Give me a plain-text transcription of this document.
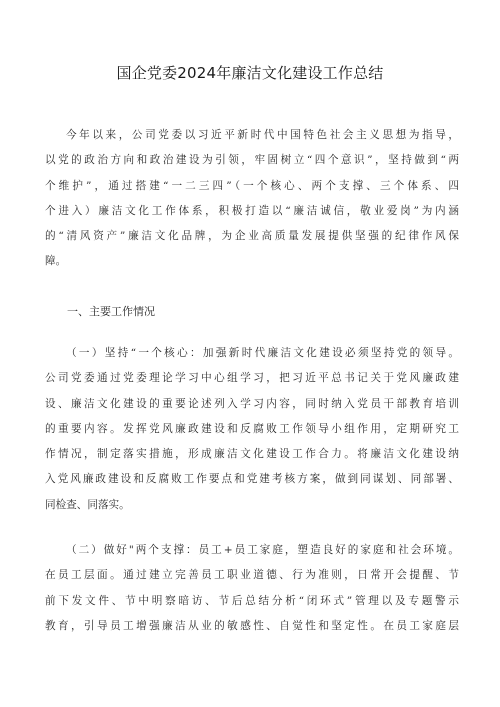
国企党委2024年廉洁文化建设工作总结
今年以来，公司党委以习近平新时代中国特色社会主义思想为指导，
以党的政治方向和政治建设为引领，牢固树立“四个意识”，坚持做到“两
个维护”，通过搭建“一二三四”（一个核心、两个支撑、三个体系、四
个进入）廉洁文化工作体系，积极打造以“廉洁诚信，敬业爱岗”为内涵
的“清风资产”廉洁文化品牌，为企业高质量发展提供坚强的纪律作风保
障。
一、主要工作情况
（一）坚持“一个核心：加强新时代廉洁文化建设必须坚持党的领导。
公司党委通过党委理论学习中心组学习，把习近平总书记关于党风廉政建
设、廉洁文化建设的重要论述列入学习内容，同时纳入党员干部教育培训
的重要内容。发挥党风廉政建设和反腐败工作领导小组作用，定期研究工
作情况，制定落实措施，形成廉洁文化建设工作合力。将廉洁文化建设纳
入党风廉政建设和反腐败工作要点和党建考核方案，做到同谋划、同部署、
同检查、同落实。
（二）做好"两个支撑：员工+员工家庭，塑造良好的家庭和社会环境。
在员工层面。通过建立完善员工职业道德、行为准则，日常开会提醒、节
前下发文件、节中明察暗访、节后总结分析“闭环式”管理以及专题警示
教育，引导员工增强廉洁从业的敏感性、自觉性和坚定性。在员工家庭层
